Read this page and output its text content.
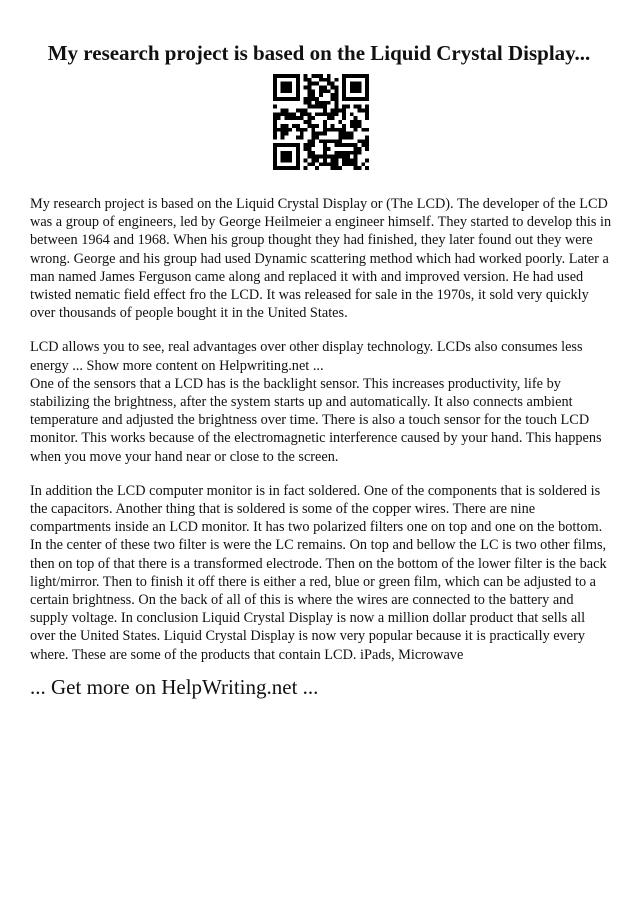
My research project is based on the Liquid Crystal Display...

My research project is based on the Liquid Crystal Display or (The LCD). The developer of the LCD was a group of engineers, led by George Heilmeier a engineer himself. They started to develop this in between 1964 and 1968. When his group thought they had finished, they later found out they were wrong. George and his group had used Dynamic scattering method which had worked poorly. Later a man named James Ferguson came along and replaced it with and improved version. He had used twisted nematic field effect fro the LCD. It was released for sale in the 1970s, it sold very quickly over thousands of people bought it in the United States.

LCD allows you to see, real advantages over other display technology. LCDs also consumes less energy ... Show more content on Helpwriting.net ...

One of the sensors that a LCD has is the backlight sensor. This increases productivity, life by stabilizing the brightness, after the system starts up and automatically. It also connects ambient temperature and adjusted the brightness over time. There is also a touch sensor for the touch LCD monitor. This works because of the electromagnetic interference caused by your hand. This happens when you move your hand near or close to the screen.

In addition the LCD computer monitor is in fact soldered. One of the components that is soldered is the capacitors. Another thing that is soldered is some of the copper wires. There are nine compartments inside an LCD monitor. It has two polarized filters one on top and one on the bottom. In the center of these two filter is were the LC remains. On top and bellow the LC is two other films, then on top of that there is a transformed electrode. Then on the bottom of the lower filter is the back light/mirror. Then to finish it off there is either a red, blue or green film, which can be adjusted to a certain brightness. On the back of all of this is where the wires are connected to the battery and supply voltage. In conclusion Liquid Crystal Display is now a million dollar product that sells all over the United States. Liquid Crystal Display is now very popular because it is practically every where. These are some of the products that contain LCD. iPads, Microwave

... Get more on HelpWriting.net ...
